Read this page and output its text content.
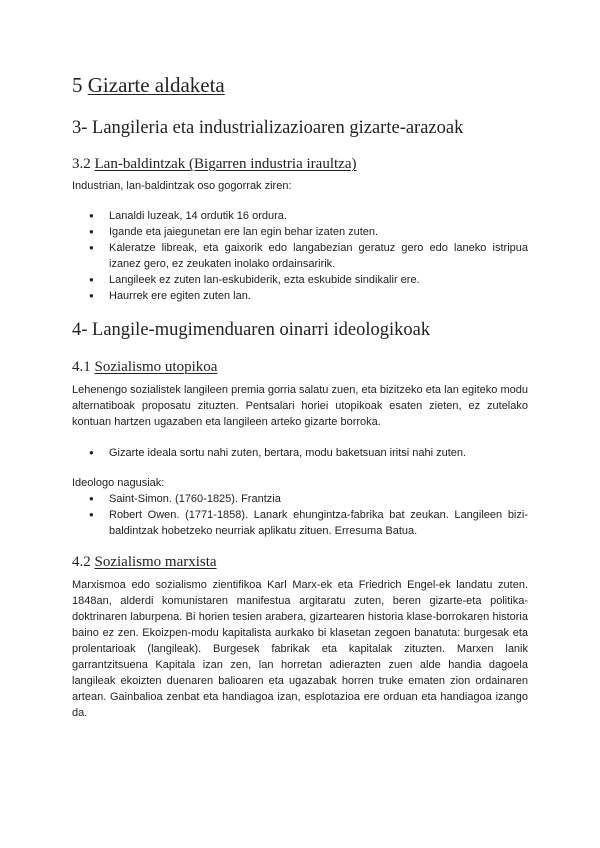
5 Gizarte aldaketa
3- Langileria eta industrializazioaren gizarte-arazoak
3.2 Lan-baldintzak (Bigarren industria iraultza)

Industrian, lan-baldintzak oso gogorrak ziren:

● Lanaldi luzeak, 14 ordutik 16 ordura.
● Igande eta jaiegunetan ere lan egin behar izaten zuten.
● Kaleratze libreak, eta gaixorik edo langabezian geratuz gero edo laneko istripua izanez gero, ez zeukaten inolako ordainsaririk.
● Langileek ez zuten lan-eskubiderik, ezta eskubide sindikalir ere.
● Haurrek ere egiten zuten lan.
4- Langile-mugimenduaren oinarri ideologikoak
4.1 Sozialismo utopikoa

Lehenengo sozialistek langileen premia gorria salatu zuen, eta bizitzeko eta lan egiteko modu alternatiboak proposatu zituzten. Pentsalari horiei utopikoak esaten zieten, ez zutelako kontuan hartzen ugazaben eta langileen arteko gizarte borroka.

● Gizarte ideala sortu nahi zuten, bertara, modu baketsuan iritsi nahi zuten.

Ideologo nagusiak:

● Saint-Simon. (1760-1825). Frantzia
● Robert Owen. (1771-1858). Lanark ehungintza-fabrika bat zeukan. Langileen bizi-baldintzak hobetzeko neurriak aplikatu zituen. Erresuma Batua.
4.2 Sozialismo marxista

Marxismoa edo sozialismo zientifikoa Karl Marx-ek eta Friedrich Engel-ek landatu zuten. 1848an, alderdi komunistaren manifestua argitaratu zuten, beren gizarte-eta politika-doktrinaren laburpena. Bi horien tesien arabera, gizartearen historia klase-borrokaren historia baino ez zen. Ekoizpen-modu kapitalista aurkako bi klasetan zegoen banatuta: burgesak eta prolentarioak (langileak). Burgesek fabrikak eta kapitalak zituzten. Marxen lanik garrantzitsuena Kapitala izan zen, lan horretan adierazten zuen alde handia dagoela langileak ekoizten duenaren balioaren eta ugazabak horren truke ematen zion ordainaren artean. Gainbalioa zenbat eta handiagoa izan, esplotazioa ere orduan eta handiagoa izango da.
